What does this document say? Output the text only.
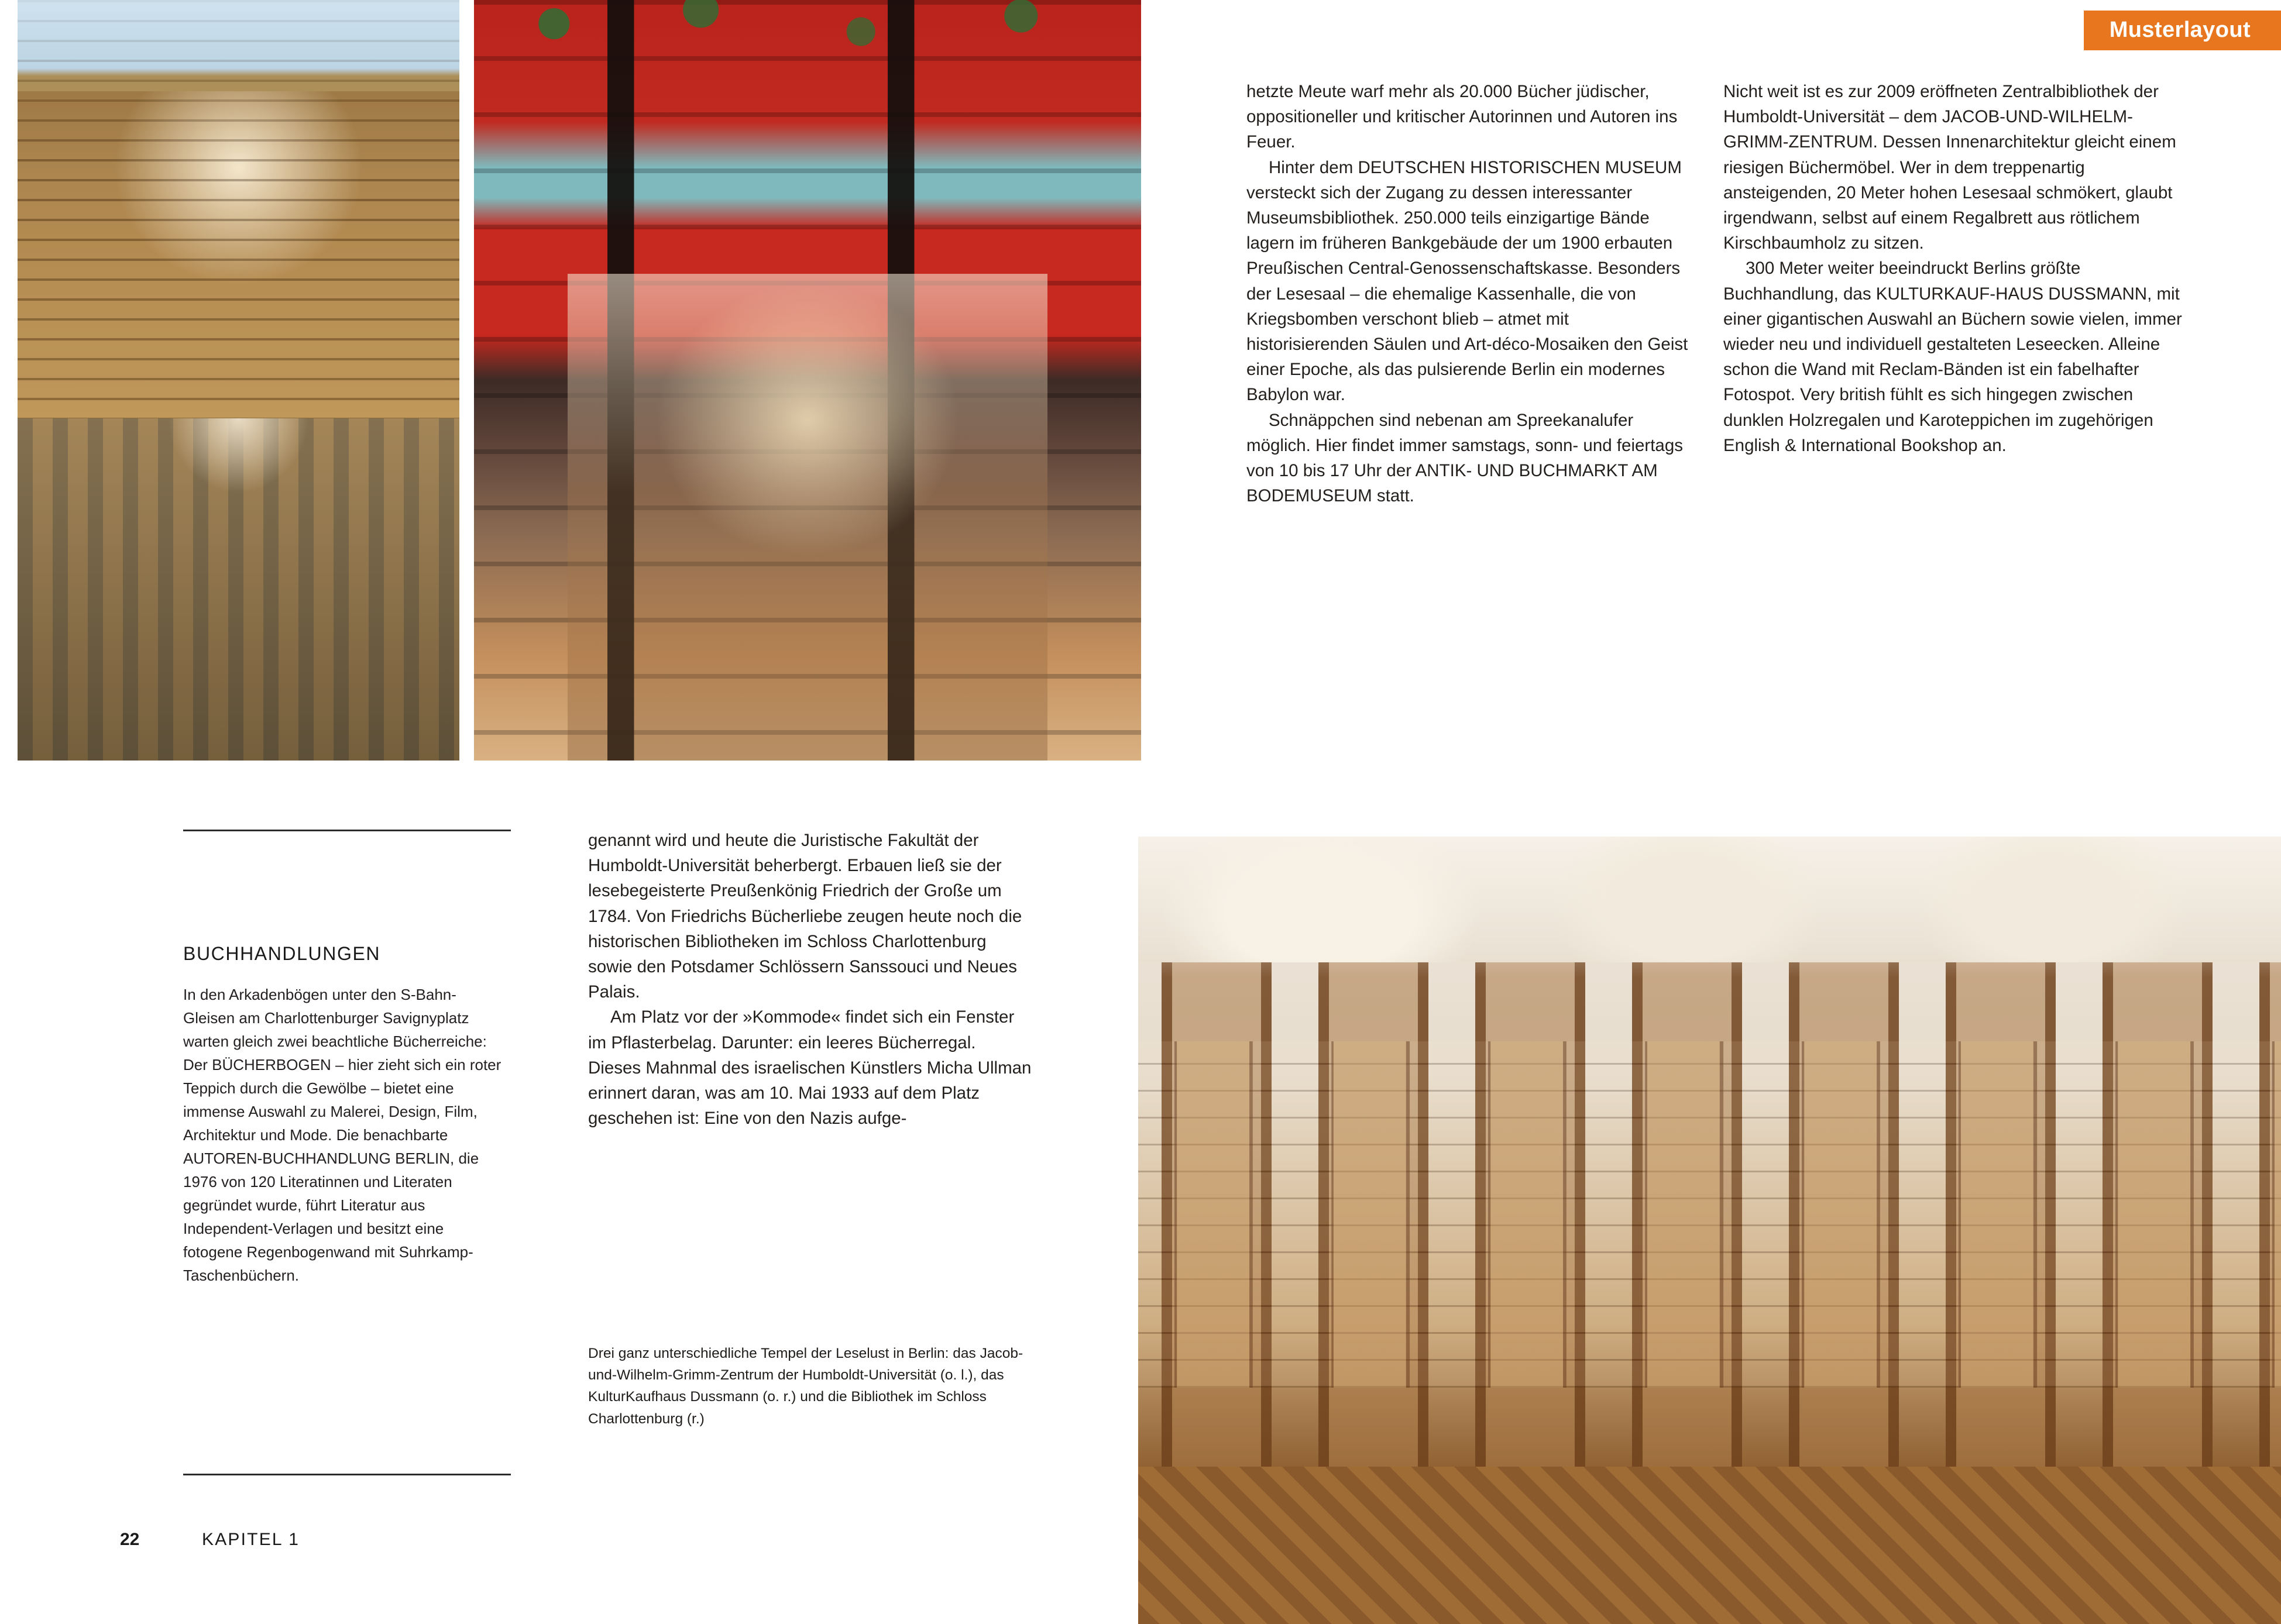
Musterlayout

hetzte Meute warf mehr als 20.000 Bücher jüdischer, oppositioneller und kritischer Autorinnen und Autoren ins Feuer.

Hinter dem DEUTSCHEN HISTORISCHEN MUSEUM versteckt sich der Zugang zu dessen interessanter Museumsbibliothek. 250.000 teils einzigartige Bände lagern im früheren Bankgebäude der um 1900 erbauten Preußischen Central-Genossenschaftskasse. Besonders der Lesesaal – die ehemalige Kassenhalle, die von Kriegsbomben verschont blieb – atmet mit historisierenden Säulen und Art-déco-Mosaiken den Geist einer Epoche, als das pulsierende Berlin ein modernes Babylon war.

Schnäppchen sind nebenan am Spreekanalufer möglich. Hier findet immer samstags, sonn- und feiertags von 10 bis 17 Uhr der ANTIK- UND BUCHMARKT AM BODEMUSEUM statt.

Nicht weit ist es zur 2009 eröffneten Zentralbibliothek der Humboldt-Universität – dem JACOB-UND-WILHELM-GRIMM-ZENTRUM. Dessen Innenarchitektur gleicht einem riesigen Büchermöbel. Wer in dem treppenartig ansteigenden, 20 Meter hohen Lesesaal schmökert, glaubt irgendwann, selbst auf einem Regalbrett aus rötlichem Kirschbaumholz zu sitzen.

300 Meter weiter beeindruckt Berlins größte Buchhandlung, das KULTURKAUF-HAUS DUSSMANN, mit einer gigantischen Auswahl an Büchern sowie vielen, immer wieder neu und individuell gestalteten Leseecken. Alleine schon die Wand mit Reclam-Bänden ist ein fabelhafter Fotospot. Very british fühlt es sich hingegen zwischen dunklen Holzregalen und Karoteppichen im zugehörigen English & International Bookshop an.

genannt wird und heute die Juristische Fakultät der Humboldt-Universität beherbergt. Erbauen ließ sie der lesebegeisterte Preußenkönig Friedrich der Große um 1784. Von Friedrichs Bücherliebe zeugen heute noch die historischen Bibliotheken im Schloss Charlottenburg sowie den Potsdamer Schlössern Sanssouci und Neues Palais.

Am Platz vor der »Kommode« findet sich ein Fenster im Pflasterbelag. Darunter: ein leeres Bücherregal. Dieses Mahnmal des israelischen Künstlers Micha Ullman erinnert daran, was am 10. Mai 1933 auf dem Platz geschehen ist: Eine von den Nazis aufge-

BUCHHANDLUNGEN
In den Arkadenbögen unter den S-Bahn-Gleisen am Charlottenburger Savignyplatz warten gleich zwei beachtliche Bücherreiche: Der BÜCHERBOGEN – hier zieht sich ein roter Teppich durch die Gewölbe – bietet eine immense Auswahl zu Malerei, Design, Film, Architektur und Mode. Die benachbarte AUTOREN-BUCHHANDLUNG BERLIN, die 1976 von 120 Literatinnen und Literaten gegründet wurde, führt Literatur aus Independent-Verlagen und besitzt eine fotogene Regenbogenwand mit Suhrkamp-Taschenbüchern.
Drei ganz unterschiedliche Tempel der Leselust in Berlin: das Jacob-und-Wilhelm-Grimm-Zentrum der Humboldt-Universität (o. l.), das KulturKaufhaus Dussmann (o. r.) und die Bibliothek im Schloss Charlottenburg (r.)
22	KAPITEL 1
